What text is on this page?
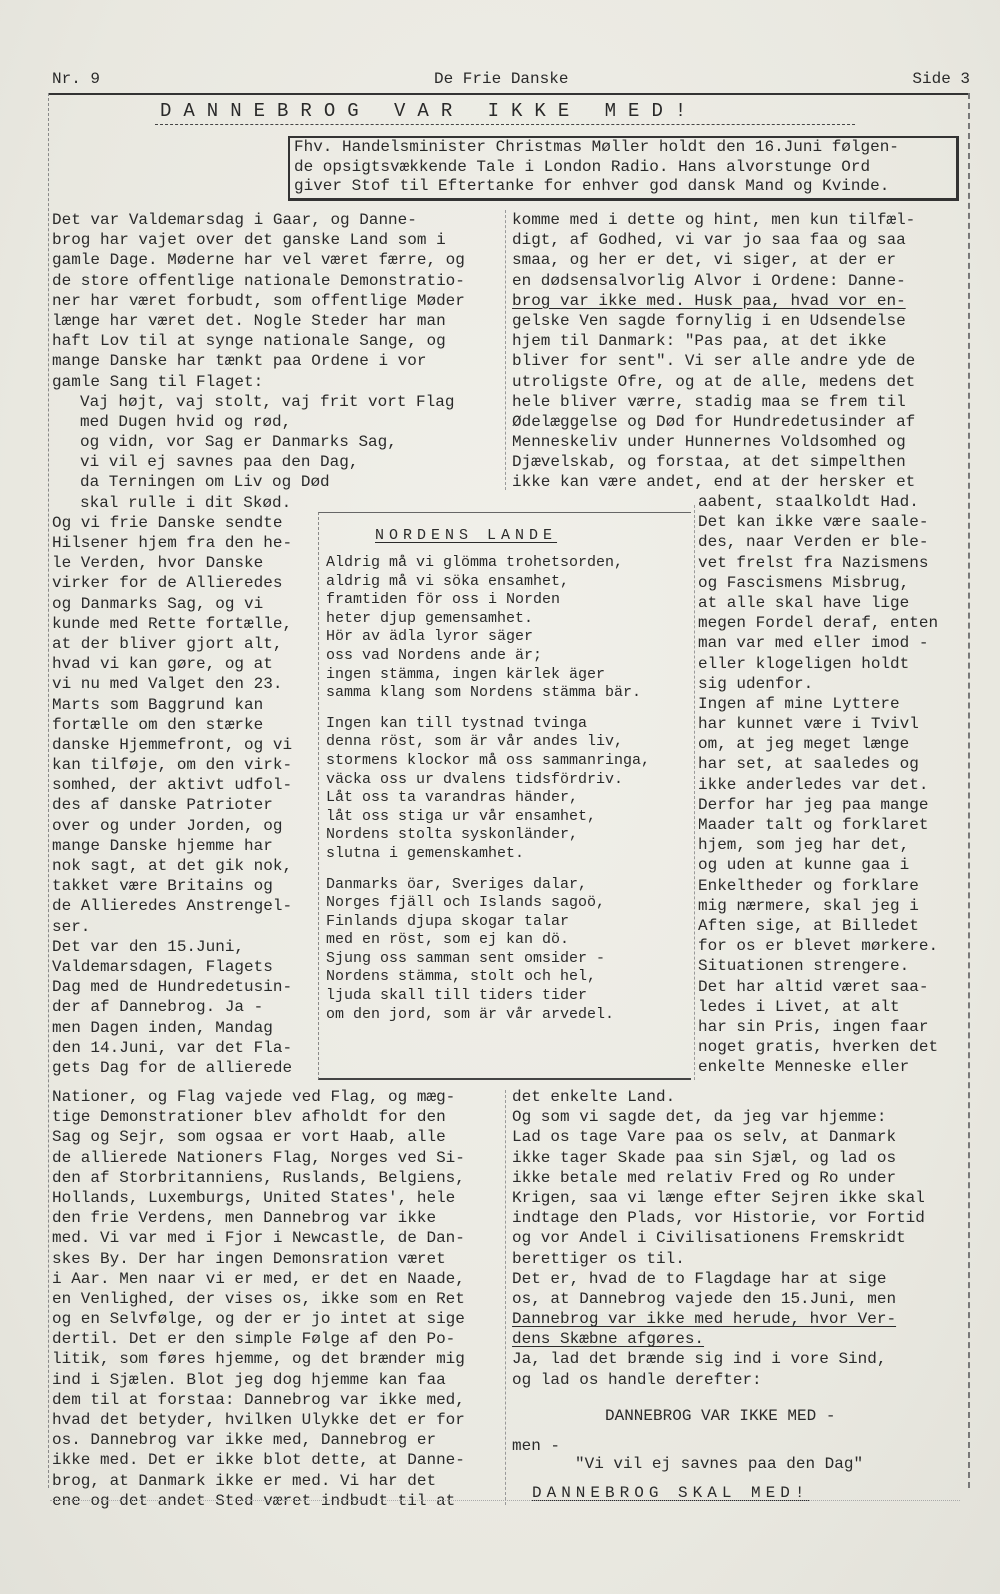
Nr. 9	De Frie Danske	Side 3
DANNEBROG VAR IKKE MED!
Fhv. Handelsminister Christmas Møller holdt den 16.Juni følgen-
de opsigtsvækkende Tale i London Radio. Hans alvorstunge Ord
giver Stof til Eftertanke for enhver god dansk Mand og Kvinde.
Det var Valdemarsdag i Gaar, og Danne-
brog har vajet over det ganske Land som i
gamle Dage. Møderne har vel været færre, og
de store offentlige nationale Demonstratio-
ner har været forbudt, som offentlige Møder
længe har været det. Nogle Steder har man
haft Lov til at synge nationale Sange, og
mange Danske har tænkt paa Ordene i vor
gamle Sang til Flaget:
Vaj højt, vaj stolt, vaj frit vort Flag
med Dugen hvid og rød,
og vidn, vor Sag er Danmarks Sag,
vi vil ej savnes paa den Dag,
da Terningen om Liv og Død
skal rulle i dit Skød.
Og vi frie Danske sendte
Hilsener hjem fra den he-
le Verden, hvor Danske
virker for de Allieredes
og Danmarks Sag, og vi
kunde med Rette fortælle,
at der bliver gjort alt,
hvad vi kan gøre, og at
vi nu med Valget den 23.
Marts som Baggrund kan
fortælle om den stærke
danske Hjemmefront, og vi
kan tilføje, om den virk-
somhed, der aktivt udfol-
des af danske Patrioter
over og under Jorden, og
mange Danske hjemme har
nok sagt, at det gik nok,
takket være Britains og
de Allieredes Anstrengel-
ser.
Det var den 15.Juni,
Valdemarsdagen, Flagets
Dag med de Hundredetusin-
der af Dannebrog. Ja -
men Dagen inden, Mandag
den 14.Juni, var det Fla-
gets Dag for de allierede
Nationer, og Flag vajede ved Flag, og mæg-
tige Demonstrationer blev afholdt for den
Sag og Sejr, som ogsaa er vort Haab, alle
de allierede Nationers Flag, Norges ved Si-
den af Storbritanniens, Ruslands, Belgiens,
Hollands, Luxemburgs, United States', hele
den frie Verdens, men Dannebrog var ikke
med. Vi var med i Fjor i Newcastle, de Dan-
skes By. Der har ingen Demonsration været
i Aar. Men naar vi er med, er det en Naade,
en Venlighed, der vises os, ikke som en Ret
og en Selvfølge, og der er jo intet at sige
dertil. Det er den simple Følge af den Po-
litik, som føres hjemme, og det brænder mig
ind i Sjælen. Blot jeg dog hjemme kan faa
dem til at forstaa: Dannebrog var ikke med,
hvad det betyder, hvilken Ulykke det er for
os. Dannebrog var ikke med, Dannebrog er
ikke med. Det er ikke blot dette, at Danne-
brog, at Danmark ikke er med. Vi har det
ene og det andet Sted været indbudt til at
komme med i dette og hint, men kun tilfæl-
digt, af Godhed, vi var jo saa faa og saa
smaa, og her er det, vi siger, at der er
en dødsensalvorlig Alvor i Ordene: Danne-
brog var ikke med. Husk paa, hvad vor en-
gelske Ven sagde fornylig i en Udsendelse
hjem til Danmark: "Pas paa, at det ikke
bliver for sent". Vi ser alle andre yde de
utroligste Ofre, og at de alle, medens det
hele bliver værre, stadig maa se frem til
Ødelæggelse og Død for Hundredetusinder af
Menneskeliv under Hunnernes Voldsomhed og
Djævelskab, og forstaa, at det simpelthen
ikke kan være andet, end at der hersker et
aabent, staalkoldt Had.
Det kan ikke være saale-
des, naar Verden er ble-
vet frelst fra Nazismens
og Fascismens Misbrug,
at alle skal have lige
megen Fordel deraf, enten
man var med eller imod -
eller klogeligen holdt
sig udenfor.
Ingen af mine Lyttere
har kunnet være i Tvivl
om, at jeg meget længe
har set, at saaledes og
ikke anderledes var det.
Derfor har jeg paa mange
Maader talt og forklaret
hjem, som jeg har det,
og uden at kunne gaa i
Enkeltheder og forklare
mig nærmere, skal jeg i
Aften sige, at Billedet
for os er blevet mørkere.
Situationen strengere.
Det har altid været saa-
ledes i Livet, at alt
har sin Pris, ingen faar
noget gratis, hverken det
enkelte Menneske eller
det enkelte Land.
Og som vi sagde det, da jeg var hjemme:
Lad os tage Vare paa os selv, at Danmark
ikke tager Skade paa sin Sjæl, og lad os
ikke betale med relativ Fred og Ro under
Krigen, saa vi længe efter Sejren ikke skal
indtage den Plads, vor Historie, vor Fortid
og vor Andel i Civilisationens Fremskridt
berettiger os til.
Det er, hvad de to Flagdage har at sige
os, at Dannebrog vajede den 15.Juni, men
Dannebrog var ikke med herude, hvor Ver-
dens Skæbne afgøres.
Ja, lad det brænde sig ind i vore Sind,
og lad os handle derefter:
DANNEBROG VAR IKKE MED -
men -
"Vi vil ej savnes paa den Dag"
DANNEBROG SKAL MED!
NORDENS LANDE
Aldrig må vi glömma trohetsorden,
aldrig må vi söka ensamhet,
framtiden för oss i Norden
heter djup gemensamhet.
Hör av ädla lyror säger
oss vad Nordens ande är;
ingen stämma, ingen kärlek äger
samma klang som Nordens stämma bär.
Ingen kan till tystnad tvinga
denna röst, som är vår andes liv,
stormens klockor må oss sammanringa,
väcka oss ur dvalens tidsfördriv.
Låt oss ta varandras händer,
låt oss stiga ur vår ensamhet,
Nordens stolta syskonländer,
slutna i gemenskamhet.
Danmarks öar, Sveriges dalar,
Norges fjäll och Islands sagoö,
Finlands djupa skogar talar
med en röst, som ej kan dö.
Sjung oss samman sent omsider -
Nordens stämma, stolt och hel,
ljuda skall till tiders tider
om den jord, som är vår arvedel.
